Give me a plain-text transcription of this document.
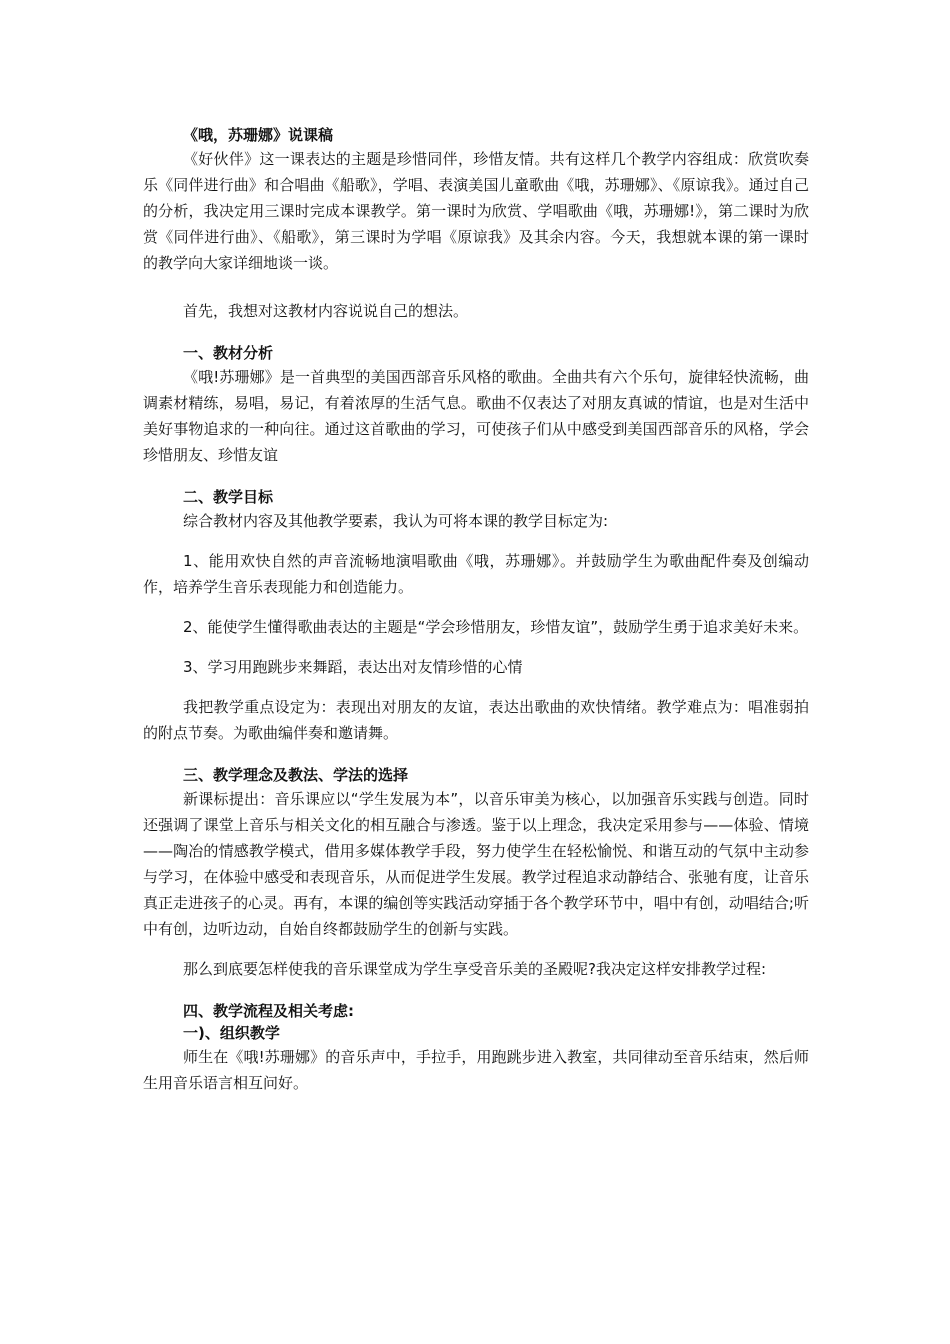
《哦，苏珊娜》说课稿

《好伙伴》这一课表达的主题是珍惜同伴，珍惜友情。共有这样几个教学内容组成：欣赏吹奏乐《同伴进行曲》和合唱曲《船歌》，学唱、表演美国儿童歌曲《哦，苏珊娜》、《原谅我》。通过自己的分析，我决定用三课时完成本课教学。第一课时为欣赏、学唱歌曲《哦，苏珊娜!》，第二课时为欣赏《同伴进行曲》、《船歌》，第三课时为学唱《原谅我》及其余内容。今天，我想就本课的第一课时的教学向大家详细地谈一谈。

首先，我想对这教材内容说说自己的想法。

一、教材分析

《哦!苏珊娜》是一首典型的美国西部音乐风格的歌曲。全曲共有六个乐句，旋律轻快流畅，曲调素材精练，易唱，易记，有着浓厚的生活气息。歌曲不仅表达了对朋友真诚的情谊，也是对生活中美好事物追求的一种向往。通过这首歌曲的学习，可使孩子们从中感受到美国西部音乐的风格，学会珍惜朋友、珍惜友谊

二、教学目标

综合教材内容及其他教学要素，我认为可将本课的教学目标定为:

1、能用欢快自然的声音流畅地演唱歌曲《哦，苏珊娜》。并鼓励学生为歌曲配件奏及创编动作，培养学生音乐表现能力和创造能力。

2、能使学生懂得歌曲表达的主题是“学会珍惜朋友，珍惜友谊”，鼓励学生勇于追求美好未来。

3、学习用跑跳步来舞蹈，表达出对友情珍惜的心情

我把教学重点设定为：表现出对朋友的友谊，表达出歌曲的欢快情绪。教学难点为：唱准弱拍的附点节奏。为歌曲编伴奏和邀请舞。

三、教学理念及教法、学法的选择

新课标提出：音乐课应以“学生发展为本”，以音乐审美为核心，以加强音乐实践与创造。同时还强调了课堂上音乐与相关文化的相互融合与渗透。鉴于以上理念，我决定采用参与——体验、情境——陶冶的情感教学模式，借用多媒体教学手段，努力使学生在轻松愉悦、和谐互动的气氛中主动参与学习，在体验中感受和表现音乐，从而促进学生发展。教学过程追求动静结合、张驰有度，让音乐真正走进孩子的心灵。再有，本课的编创等实践活动穿插于各个教学环节中，唱中有创，动唱结合;听中有创，边听边动，自始自终都鼓励学生的创新与实践。

那么到底要怎样使我的音乐课堂成为学生享受音乐美的圣殿呢?我决定这样安排教学过程:

四、教学流程及相关考虑:
一)、组织教学

师生在《哦!苏珊娜》的音乐声中，手拉手，用跑跳步进入教室，共同律动至音乐结束，然后师生用音乐语言相互问好。
